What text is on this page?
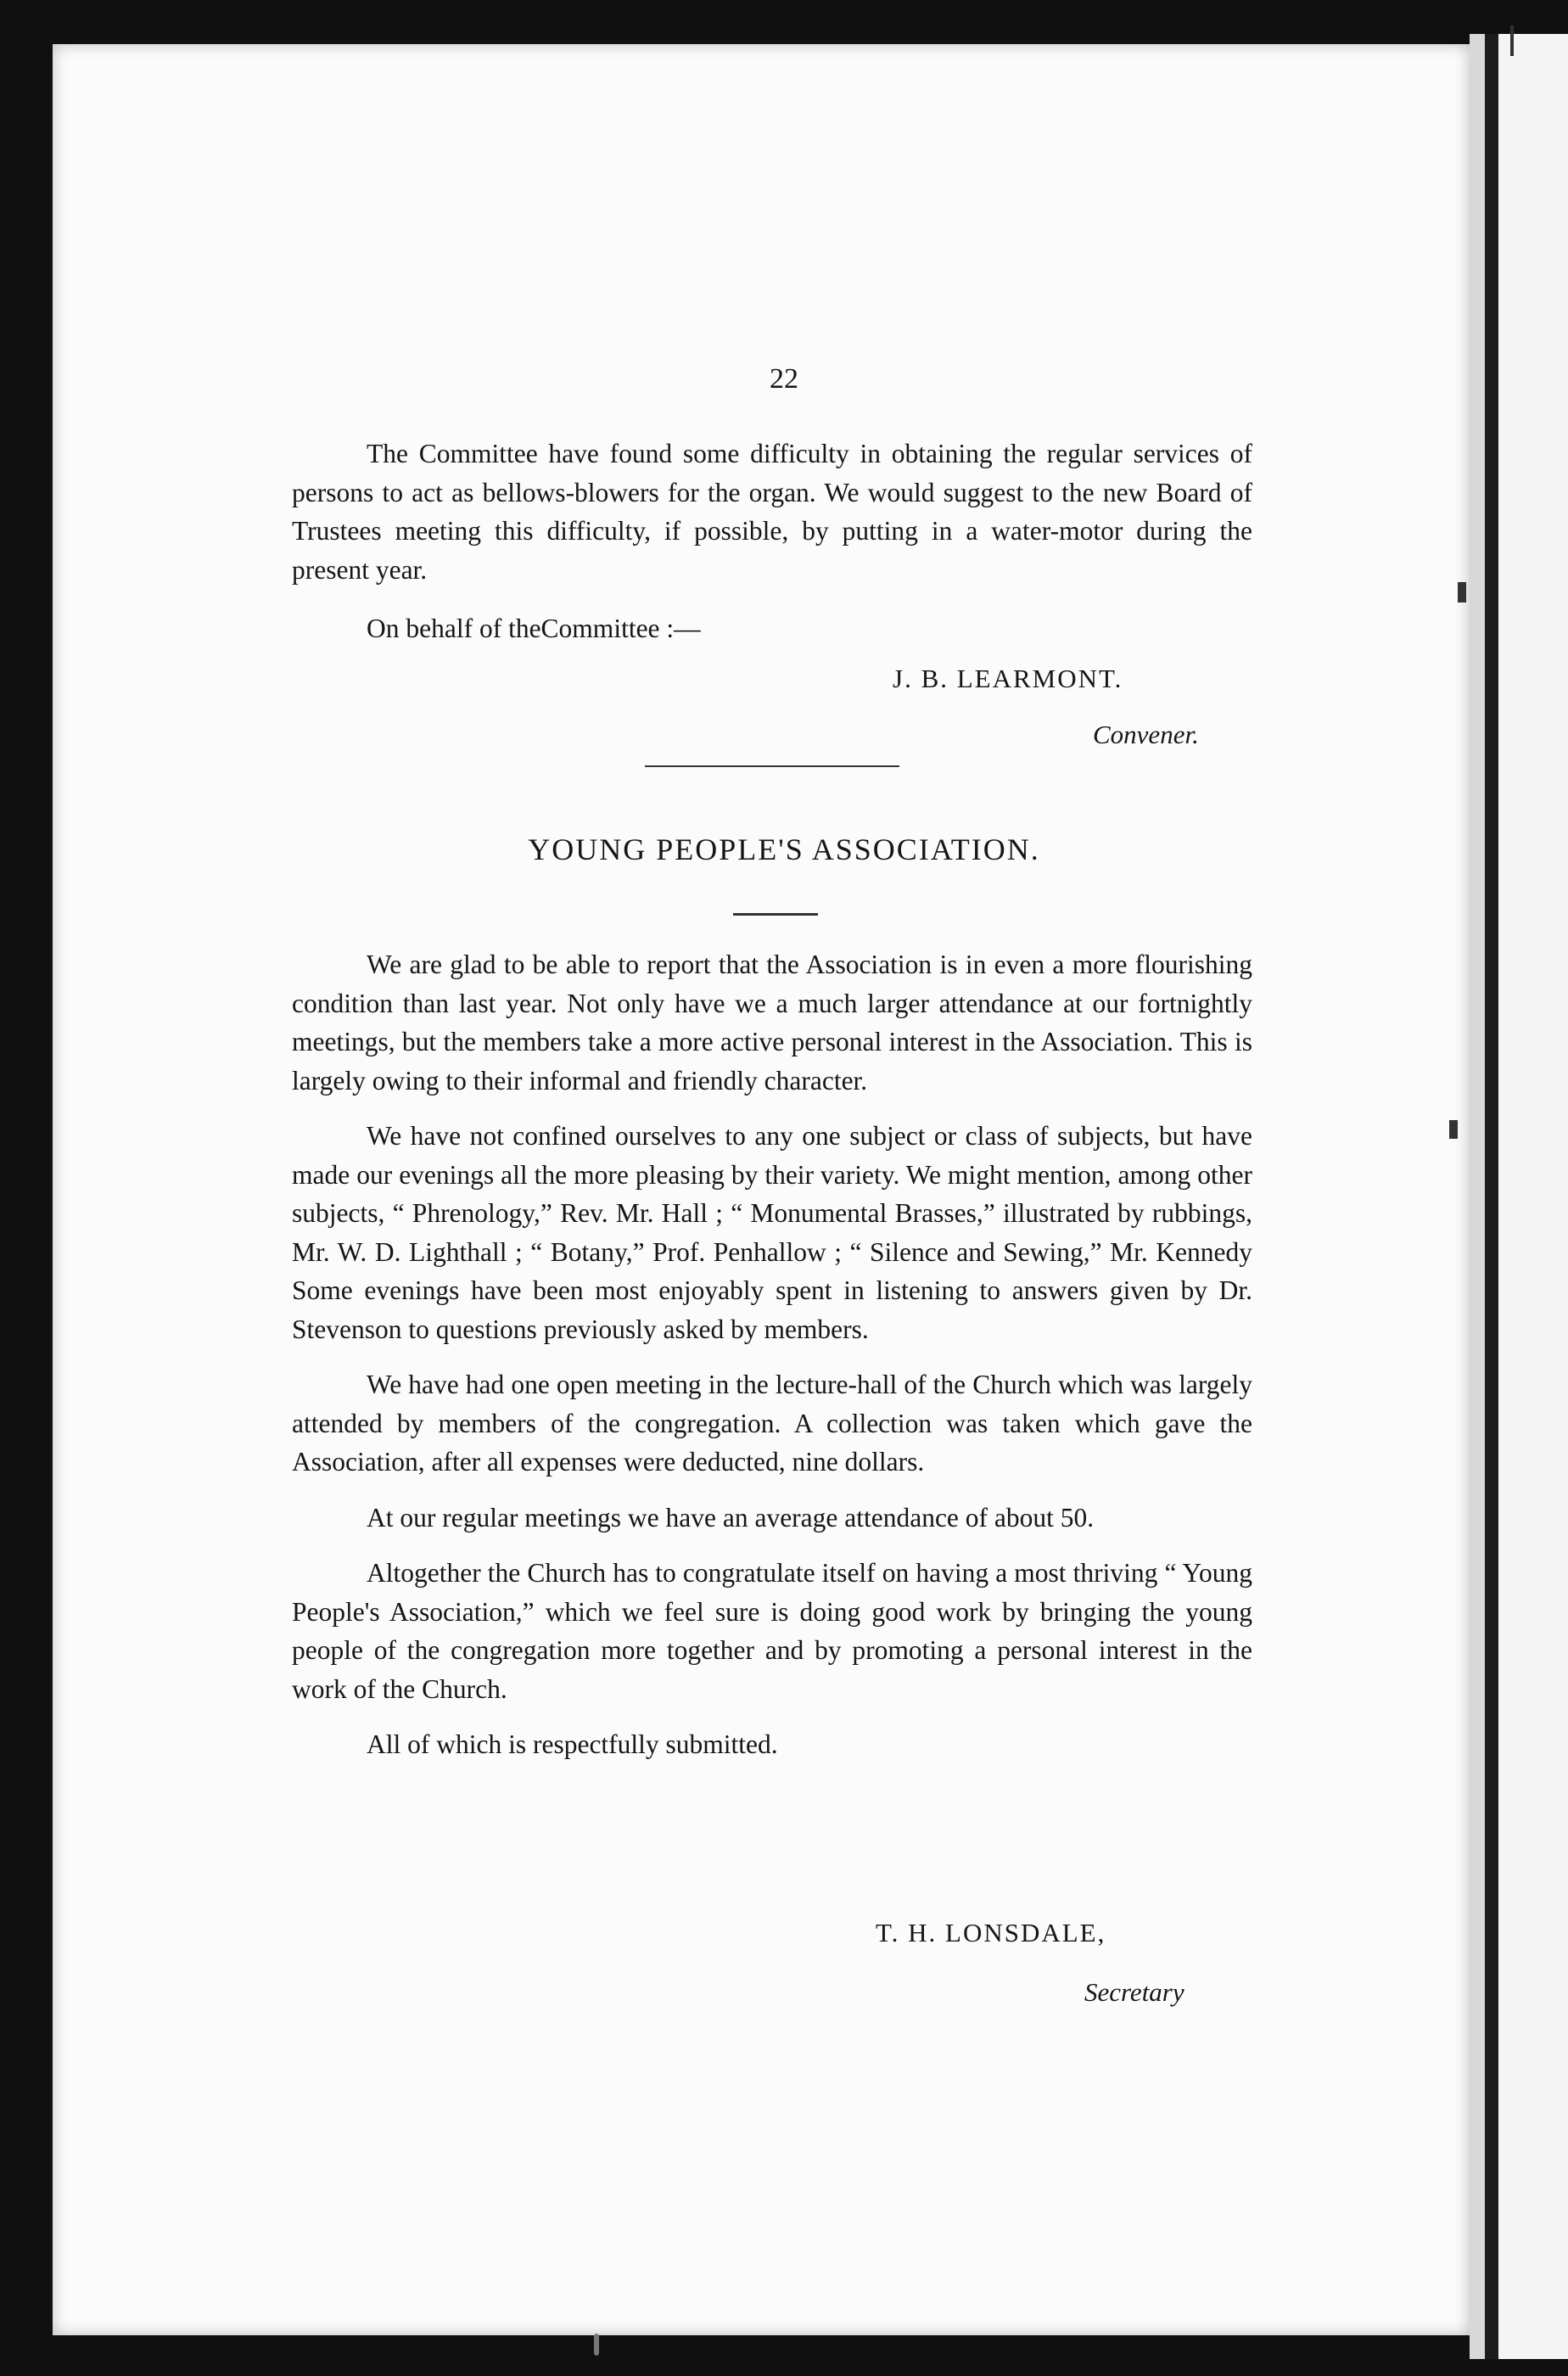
22

The Committee have found some difficulty in obtaining the regular services of persons to act as bellows-blowers for the organ. We would suggest to the new Board of Trustees meeting this difficulty, if possible, by putting in a water-motor during the present year.

On behalf of theCommittee :—

J. B. LEARMONT.
Convener.
YOUNG PEOPLE'S ASSOCIATION.

We are glad to be able to report that the Association is in even a more flourishing condition than last year. Not only have we a much larger attendance at our fortnightly meetings, but the members take a more active personal interest in the Association. This is largely owing to their informal and friendly character.

We have not confined ourselves to any one subject or class of subjects, but have made our evenings all the more pleasing by their variety. We might mention, among other subjects, “ Phrenology,” Rev. Mr. Hall ; “ Monumental Brasses,” illustrated by rubbings, Mr. W. D. Lighthall ; “ Botany,” Prof. Penhallow ; “ Silence and Sewing,” Mr. Kennedy Some evenings have been most enjoyably spent in listening to answers given by Dr. Stevenson to questions previously asked by members.

We have had one open meeting in the lecture-hall of the Church which was largely attended by members of the congregation. A collection was taken which gave the Association, after all expenses were deducted, nine dollars.

At our regular meetings we have an average attendance of about 50.

Altogether the Church has to congratulate itself on having a most thriving “ Young People's Association,” which we feel sure is doing good work by bringing the young people of the congregation more together and by promoting a personal interest in the work of the Church.

All of which is respectfully submitted.

T. H. LONSDALE,
Secretary
